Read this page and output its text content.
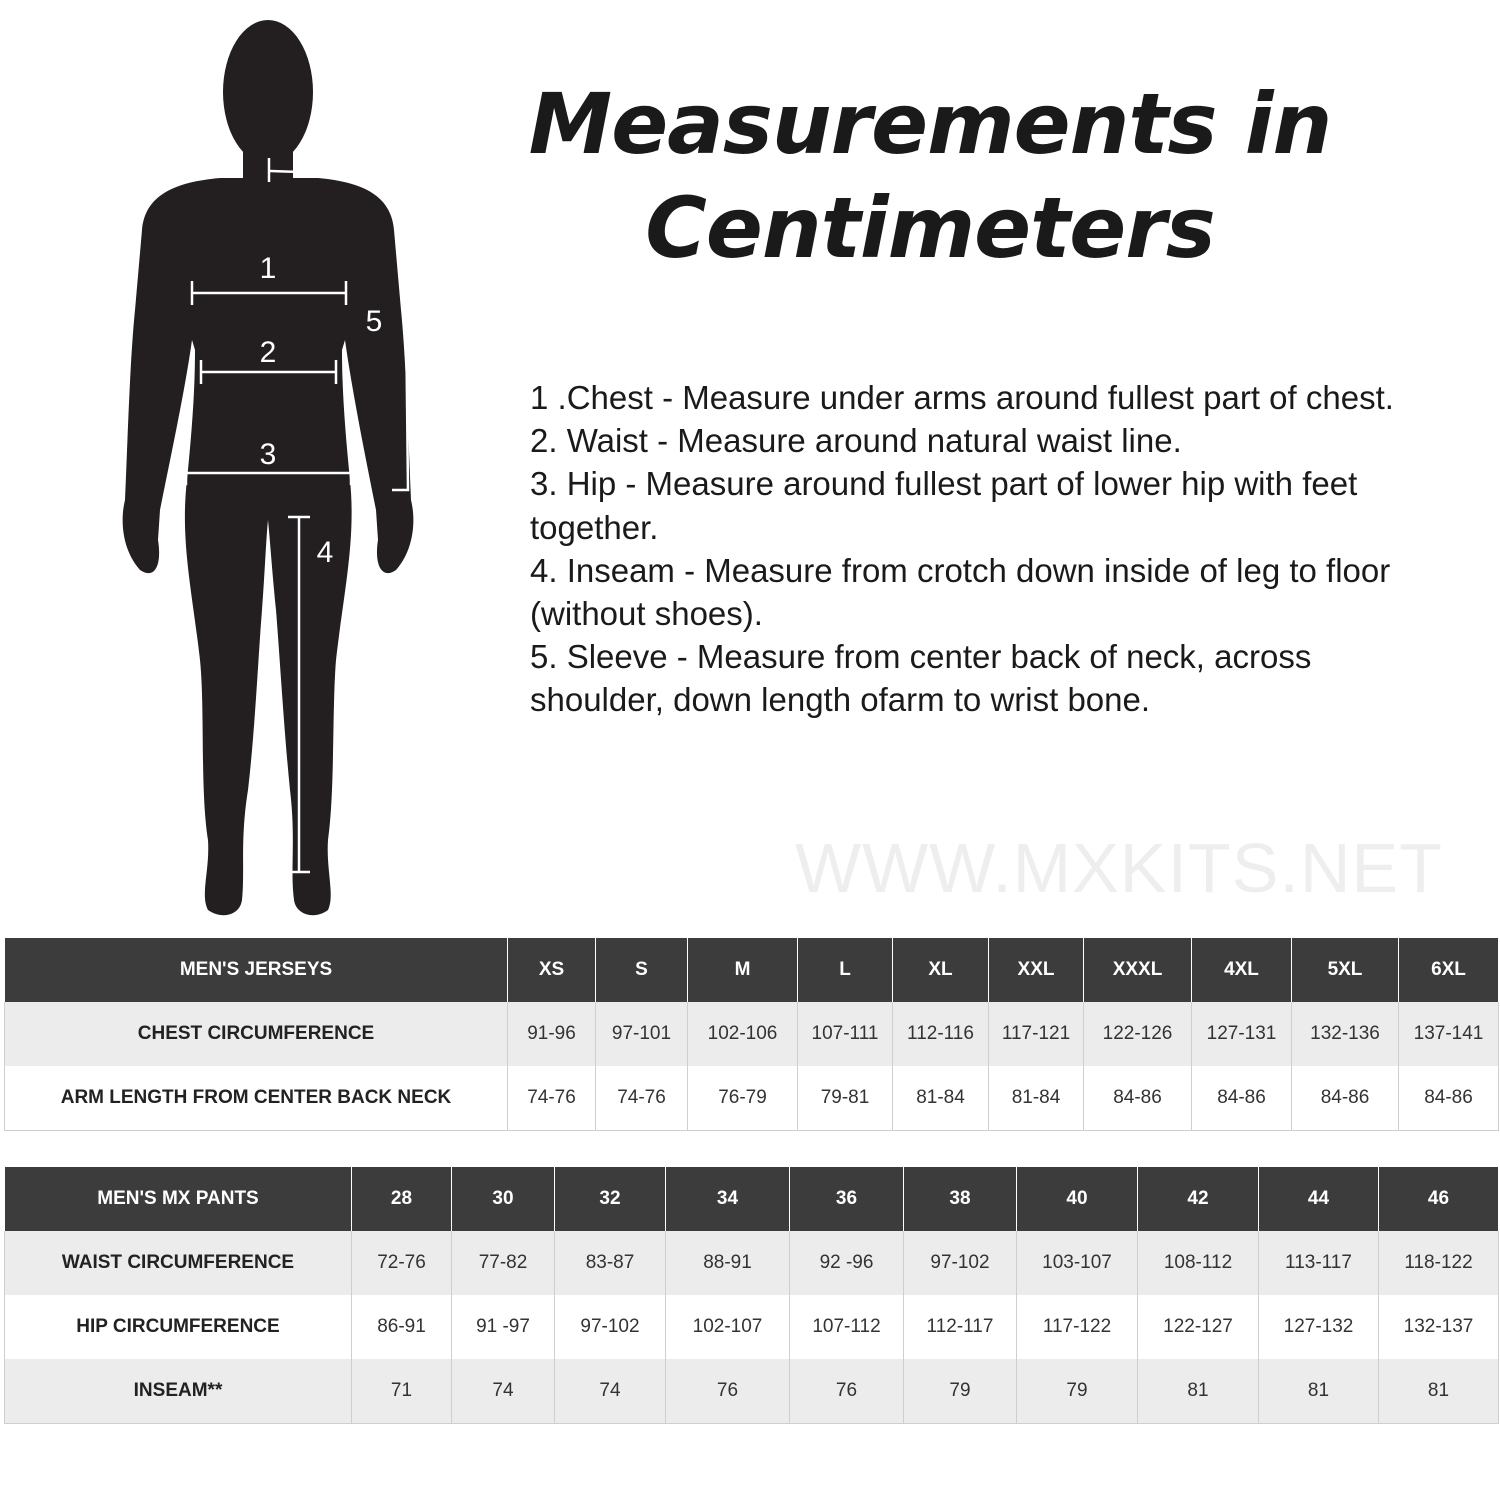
1
2
3
4
5
Measurements in
Centimeters

1 .Chest - Measure under arms around fullest part of chest.

2. Waist - Measure around natural waist line.

3. Hip - Measure around fullest part of lower hip with feet together.

4. Inseam - Measure from crotch down inside of leg to floor (without shoes).

5. Sleeve - Measure from center back of neck, across shoulder, down length ofarm to wrist bone.

WWW.MXKITS.NET
MEN'S JERSEYS	XS	S	M	L	XL	XXL	XXXL	4XL	5XL	6XL
CHEST CIRCUMFERENCE	91-96	97-101	102-106	107-111	112-116	117-121	122-126	127-131	132-136	137-141
ARM LENGTH FROM CENTER BACK NECK	74-76	74-76	76-79	79-81	81-84	81-84	84-86	84-86	84-86	84-86
MEN'S MX PANTS	28	30	32	34	36	38	40	42	44	46
WAIST CIRCUMFERENCE	72-76	77-82	83-87	88-91	92 -96	97-102	103-107	108-112	113-117	118-122
HIP CIRCUMFERENCE	86-91	91 -97	97-102	102-107	107-112	112-117	117-122	122-127	127-132	132-137
INSEAM**	71	74	74	76	76	79	79	81	81	81
